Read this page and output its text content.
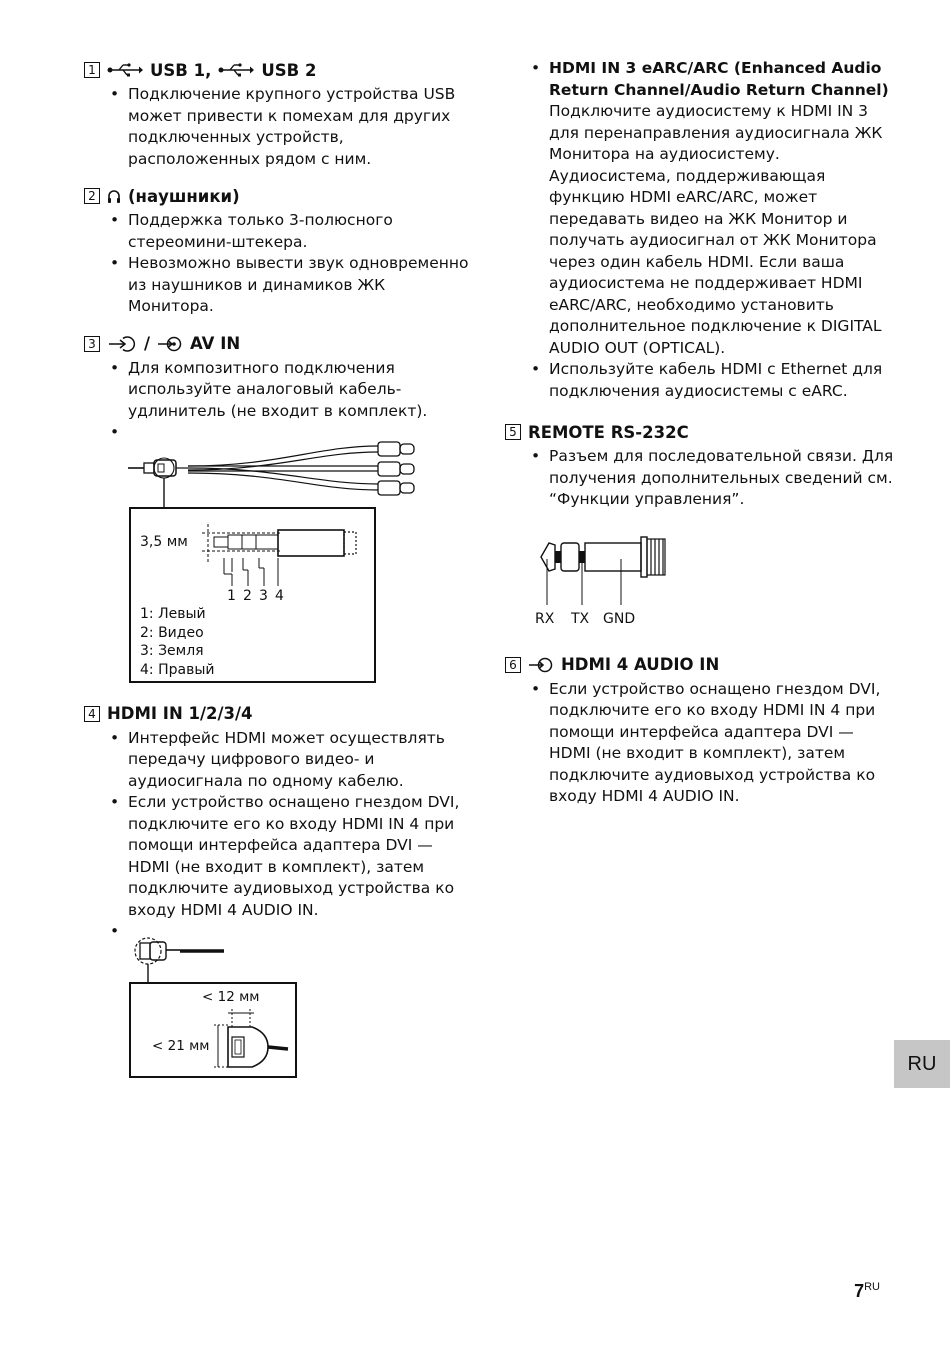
1	USB 1,	USB 2
• Подключение крупного устройства USB может привести к помехам для других подключенных устройств, расположенных рядом с ним.
2 (наушники)
• Поддержка только 3-полюсного стереомини-штекера.
• Невозможно вывести звук одновременно из наушников и динамиков ЖК Монитора.
3	/ AV IN
• Для композитного подключения используйте аналоговый кабель-удлинитель (не входит в комплект).
•
3,5 мм
1 2 3 4
1: Левый
2: Видео
3: Земля
4: Правый
4 HDMI IN 1/2/3/4
• Интерфейс HDMI может осуществлять передачу цифрового видео- и аудиосигнала по одному кабелю.
• Если устройство оснащено гнездом DVI, подключите его ко входу HDMI IN 4 при помощи интерфейса адаптера DVI — HDMI (не входит в комплект), затем подключите аудиовыход устройства ко входу HDMI 4 AUDIO IN.
•
< 12 мм
< 21 мм
• HDMI IN 3 eARC/ARC (Enhanced Audio Return Channel/Audio Return Channel)
Подключите аудиосистему к HDMI IN 3 для перенаправления аудиосигнала ЖК Монитора на аудиосистему. Аудиосистема, поддерживающая функцию HDMI eARC/ARC, может передавать видео на ЖК Монитор и получать аудиосигнал от ЖК Монитора через один кабель HDMI. Если ваша аудиосистема не поддерживает HDMI eARC/ARC, необходимо установить дополнительное подключение к DIGITAL AUDIO OUT (OPTICAL).
• Используйте кабель HDMI с Ethernet для подключения аудиосистемы с eARC.
5 REMOTE RS-232C
• Разъем для последовательной связи. Для получения дополнительных сведений см. “Функции управления”.
RX TX GND
6	HDMI 4 AUDIO IN
• Если устройство оснащено гнездом DVI, подключите его ко входу HDMI IN 4 при помощи интерфейса адаптера DVI — HDMI (не входит в комплект), затем подключите аудиовыход устройства ко входу HDMI 4 AUDIO IN.
RU
$7^{RU}$
